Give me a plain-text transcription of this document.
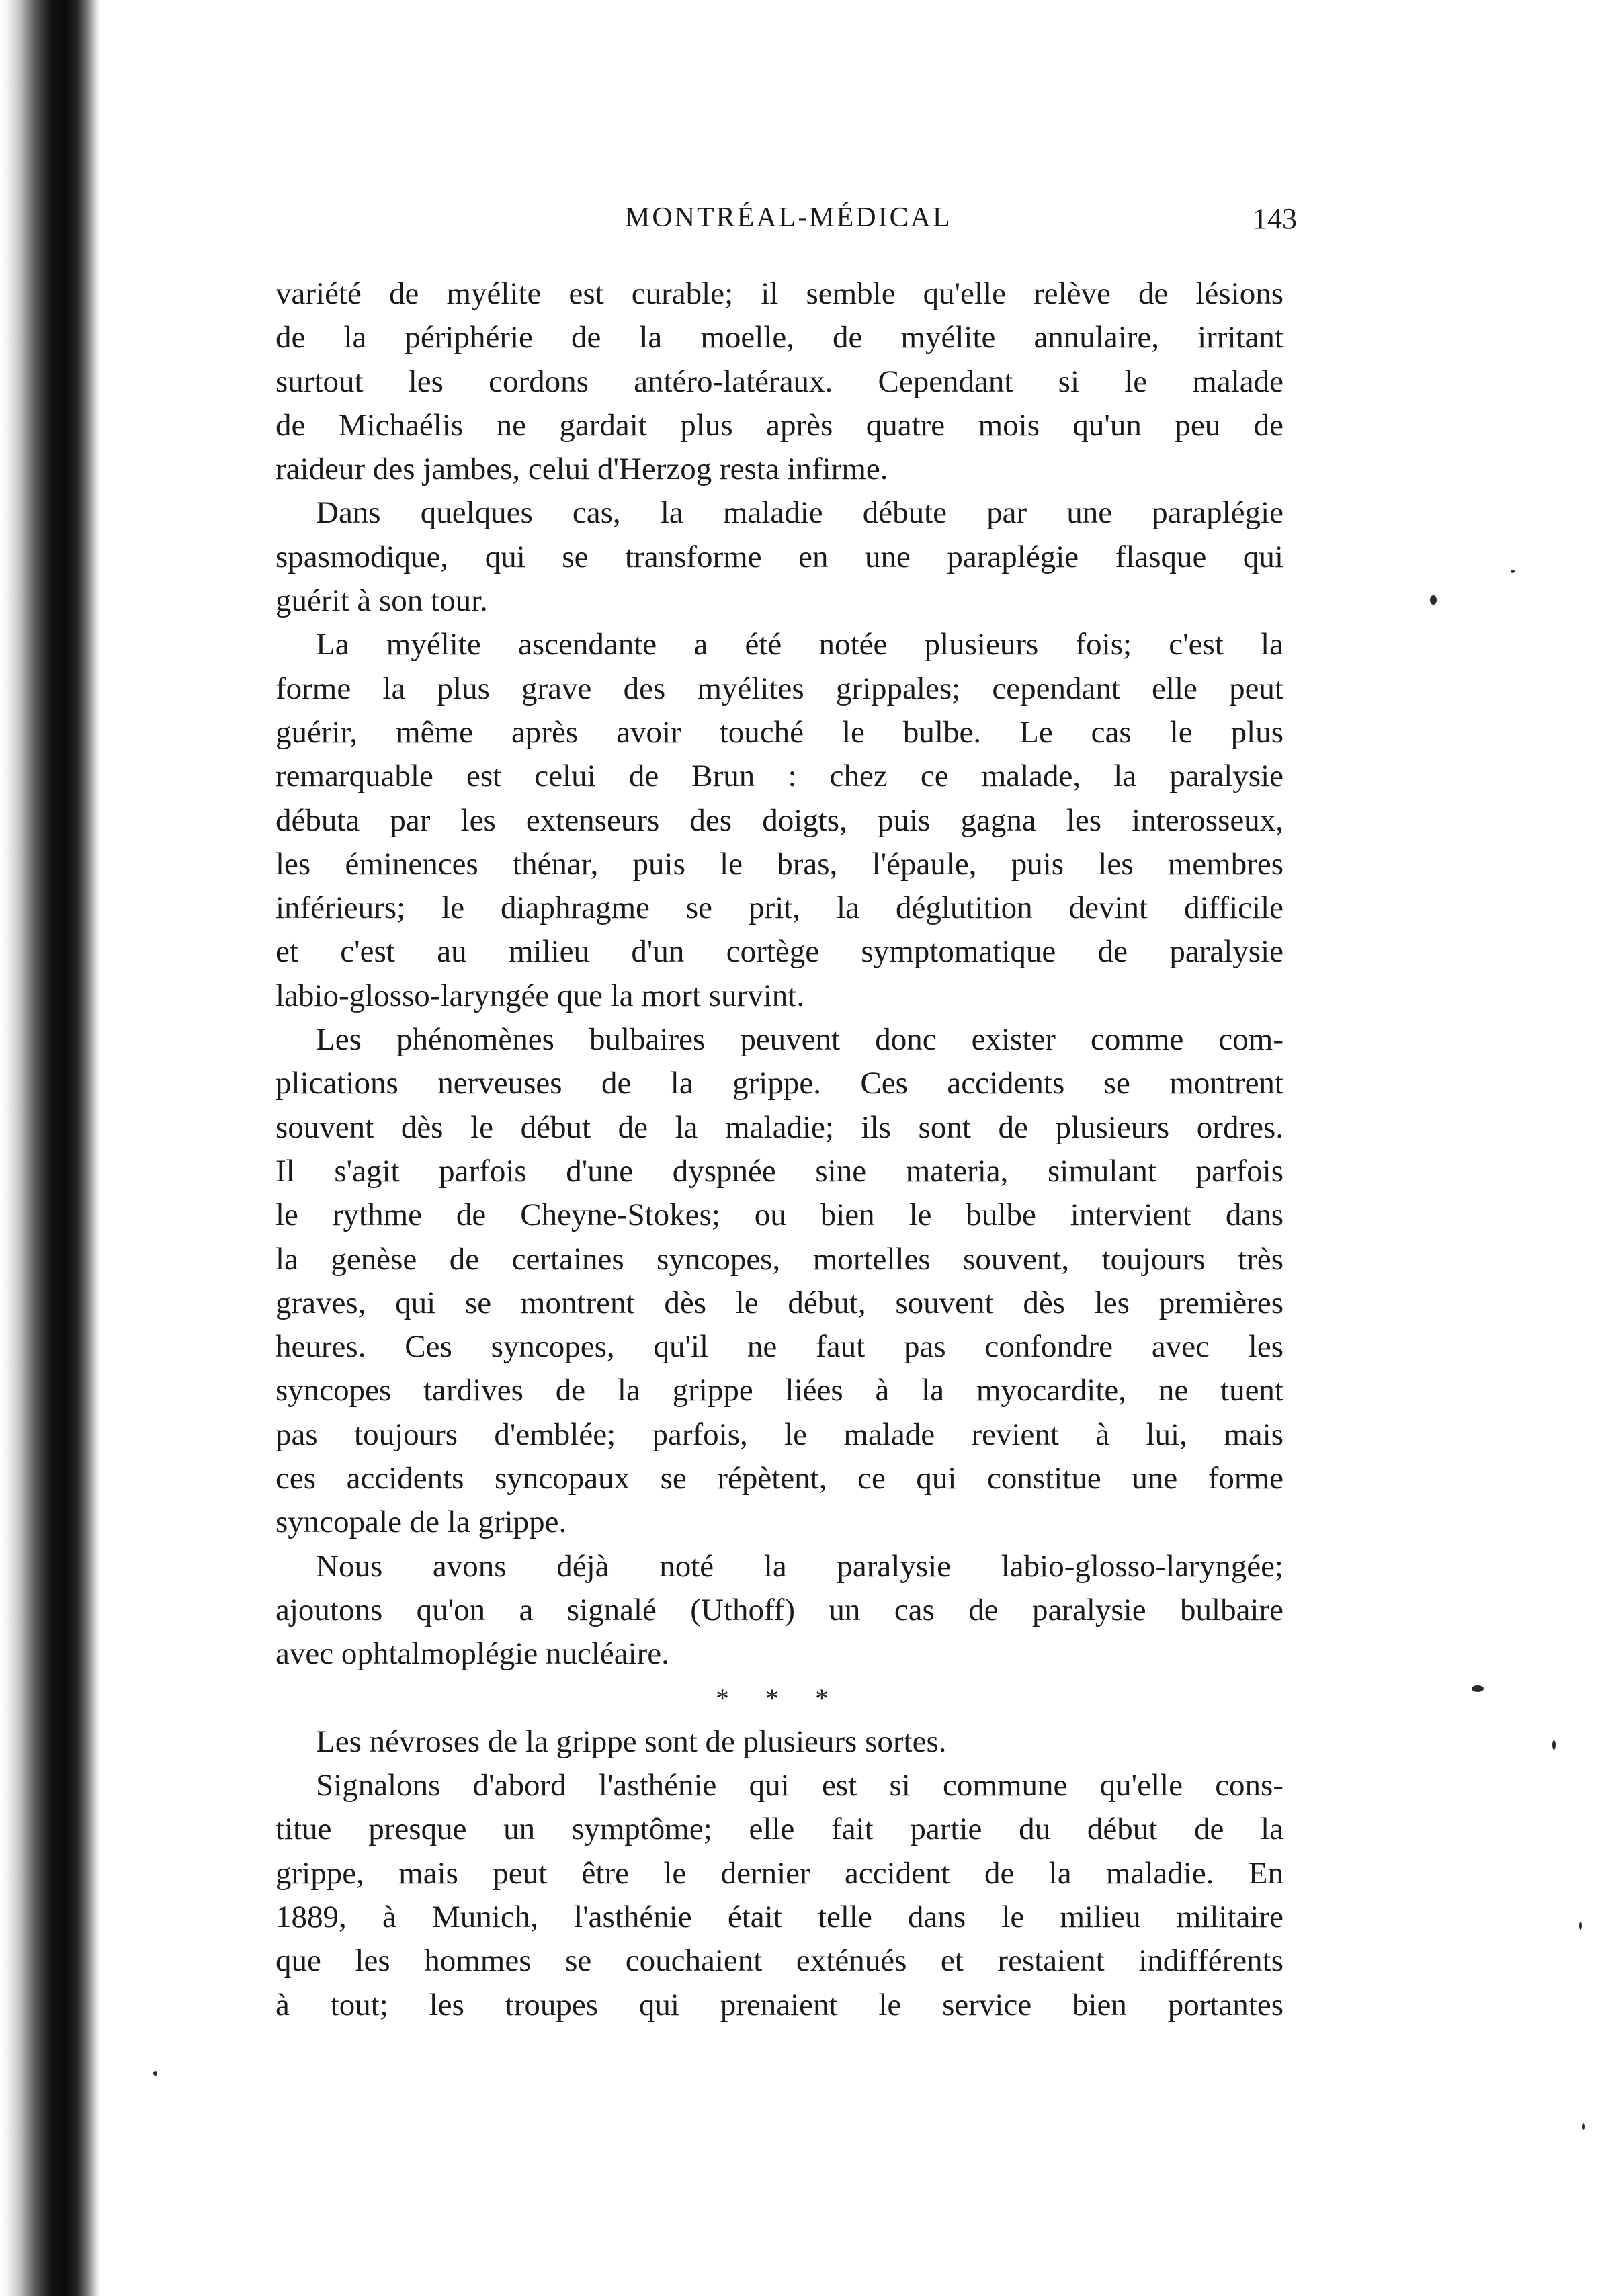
MONTRÉAL-MÉDICAL	143
variété de myélite est curable; il semble qu'elle relève de lésions
de la périphérie de la moelle, de myélite annulaire, irritant
surtout les cordons antéro-latéraux. Cependant si le malade
de Michaélis ne gardait plus après quatre mois qu'un peu de
raideur des jambes, celui d'Herzog resta infirme.
Dans quelques cas, la maladie débute par une paraplégie
spasmodique, qui se transforme en une paraplégie flasque qui
guérit à son tour.
La myélite ascendante a été notée plusieurs fois; c'est la
forme la plus grave des myélites grippales; cependant elle peut
guérir, même après avoir touché le bulbe. Le cas le plus
remarquable est celui de Brun : chez ce malade, la paralysie
débuta par les extenseurs des doigts, puis gagna les interosseux,
les éminences thénar, puis le bras, l'épaule, puis les membres
inférieurs; le diaphragme se prit, la déglutition devint difficile
et c'est au milieu d'un cortège symptomatique de paralysie
labio-glosso-laryngée que la mort survint.
Les phénomènes bulbaires peuvent donc exister comme com-
plications nerveuses de la grippe. Ces accidents se montrent
souvent dès le début de la maladie; ils sont de plusieurs ordres.
Il s'agit parfois d'une dyspnée sine materia, simulant parfois
le rythme de Cheyne-Stokes; ou bien le bulbe intervient dans
la genèse de certaines syncopes, mortelles souvent, toujours très
graves, qui se montrent dès le début, souvent dès les premières
heures. Ces syncopes, qu'il ne faut pas confondre avec les
syncopes tardives de la grippe liées à la myocardite, ne tuent
pas toujours d'emblée; parfois, le malade revient à lui, mais
ces accidents syncopaux se répètent, ce qui constitue une forme
syncopale de la grippe.
Nous avons déjà noté la paralysie labio-glosso-laryngée;
ajoutons qu'on a signalé (Uthoff) un cas de paralysie bulbaire
avec ophtalmoplégie nucléaire.
* * *
Les névroses de la grippe sont de plusieurs sortes.
Signalons d'abord l'asthénie qui est si commune qu'elle cons-
titue presque un symptôme; elle fait partie du début de la
grippe, mais peut être le dernier accident de la maladie. En
1889, à Munich, l'asthénie était telle dans le milieu militaire
que les hommes se couchaient exténués et restaient indifférents
à tout; les troupes qui prenaient le service bien portantes
